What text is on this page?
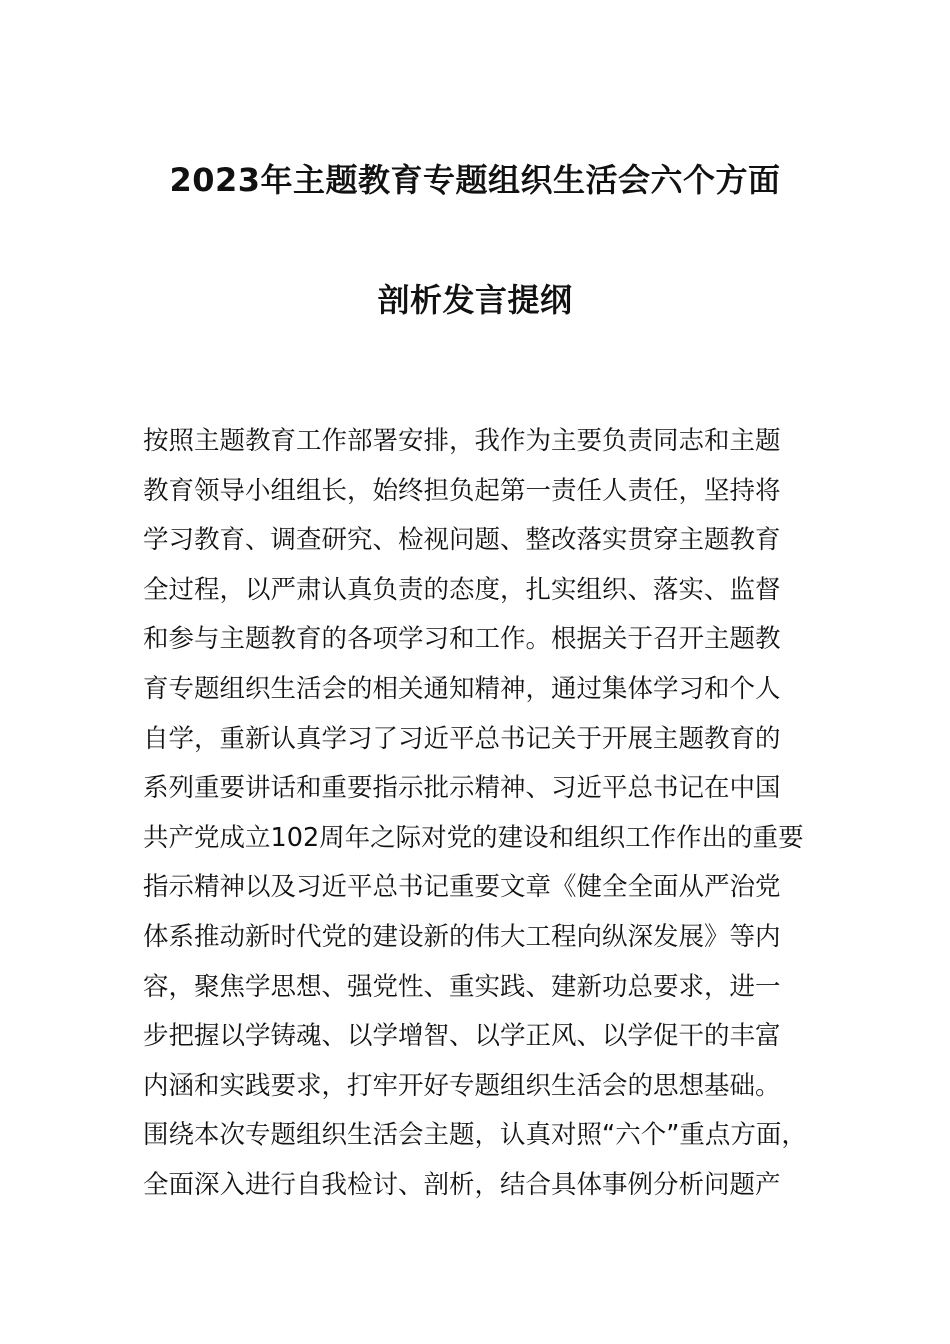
2023年主题教育专题组织生活会六个方面
剖析发言提纲
按照主题教育工作部署安排，我作为主要负责同志和主题
教育领导小组组长，始终担负起第一责任人责任，坚持将
学习教育、调查研究、检视问题、整改落实贯穿主题教育
全过程，以严肃认真负责的态度，扎实组织、落实、监督
和参与主题教育的各项学习和工作。根据关于召开主题教
育专题组织生活会的相关通知精神，通过集体学习和个人
自学，重新认真学习了习近平总书记关于开展主题教育的
系列重要讲话和重要指示批示精神、习近平总书记在中国
共产党成立102周年之际对党的建设和组织工作作出的重要
指示精神以及习近平总书记重要文章《健全全面从严治党
体系推动新时代党的建设新的伟大工程向纵深发展》等内
容，聚焦学思想、强党性、重实践、建新功总要求，进一
步把握以学铸魂、以学增智、以学正风、以学促干的丰富
内涵和实践要求，打牢开好专题组织生活会的思想基础。
围绕本次专题组织生活会主题，认真对照“六个”重点方面，
全面深入进行自我检讨、剖析，结合具体事例分析问题产
